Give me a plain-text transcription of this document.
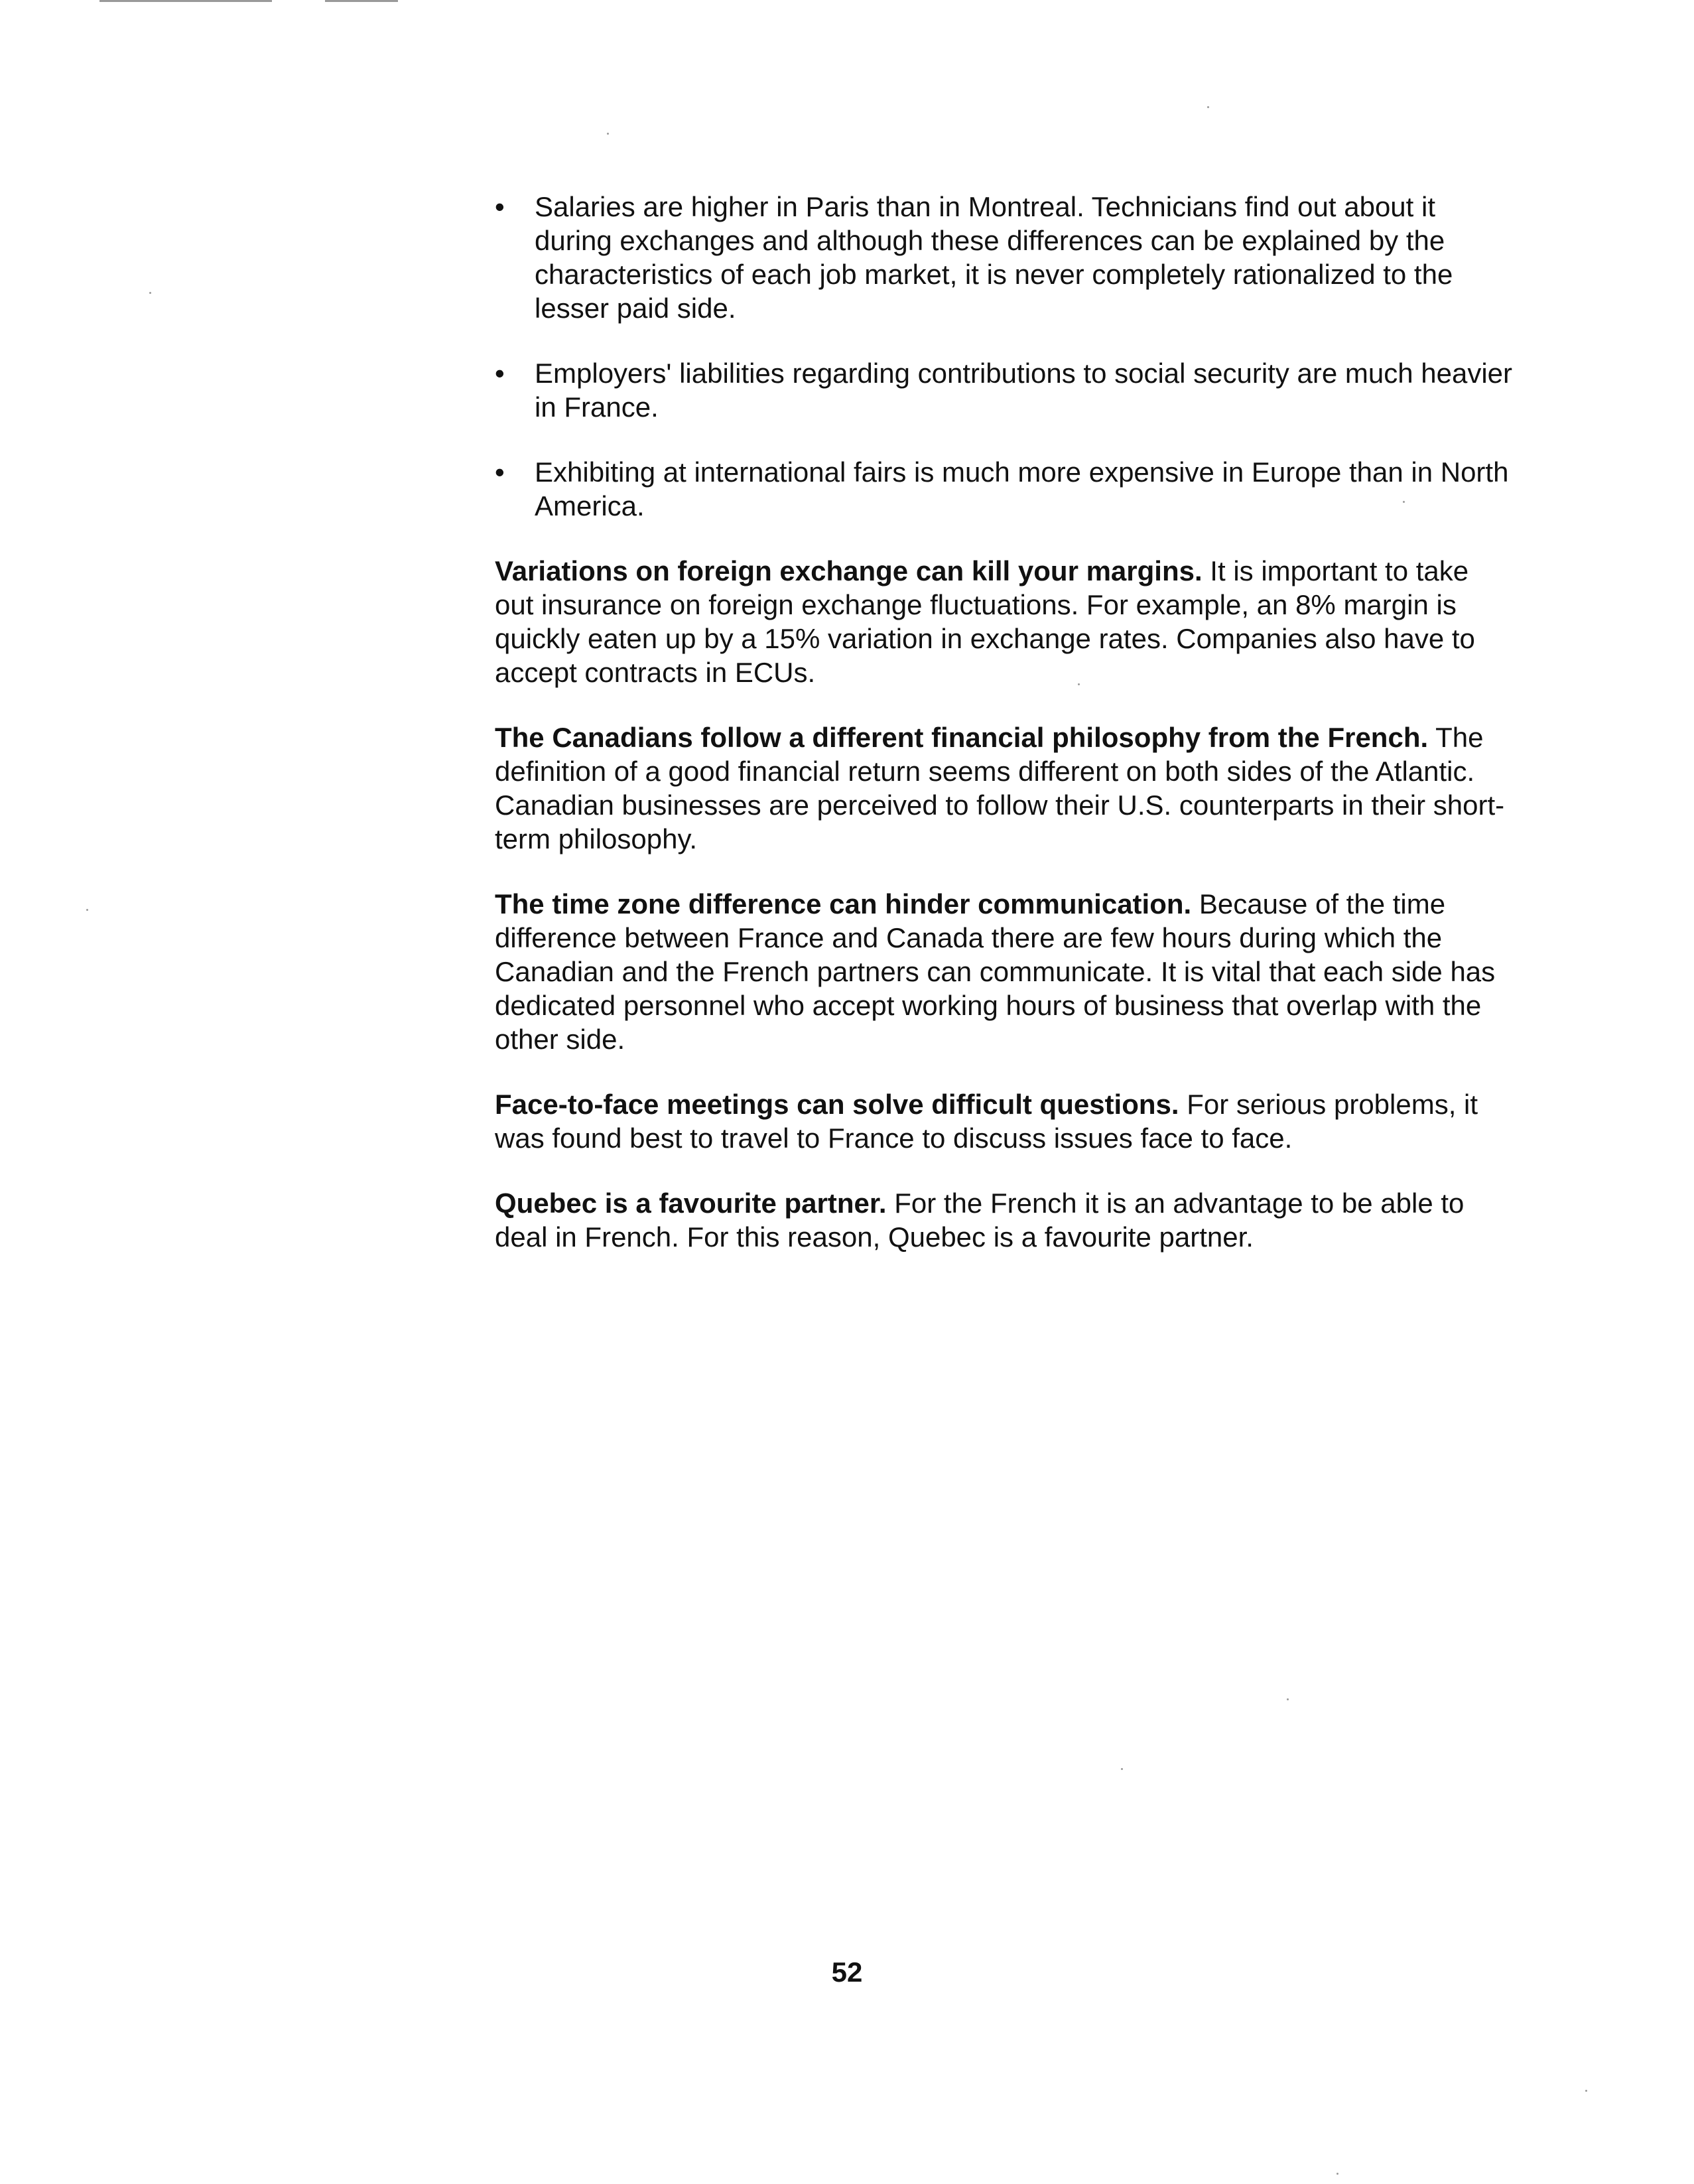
• Salaries are higher in Paris than in Montreal. Technicians find out about it during exchanges and although these differences can be explained by the characteristics of each job market, it is never completely rationalized to the lesser paid side.
• Employers' liabilities regarding contributions to social security are much heavier in France.
• Exhibiting at international fairs is much more expensive in Europe than in North America.

Variations on foreign exchange can kill your margins. It is important to take out insurance on foreign exchange fluctuations. For example, an 8% margin is quickly eaten up by a 15% variation in exchange rates. Companies also have to accept contracts in ECUs.

The Canadians follow a different financial philosophy from the French. The definition of a good financial return seems different on both sides of the Atlantic. Canadian businesses are perceived to follow their U.S. counterparts in their short-term philosophy.

The time zone difference can hinder communication. Because of the time difference between France and Canada there are few hours during which the Canadian and the French partners can communicate. It is vital that each side has dedicated personnel who accept working hours of business that overlap with the other side.

Face-to-face meetings can solve difficult questions. For serious problems, it was found best to travel to France to discuss issues face to face.

Quebec is a favourite partner. For the French it is an advantage to be able to deal in French. For this reason, Quebec is a favourite partner.

52
